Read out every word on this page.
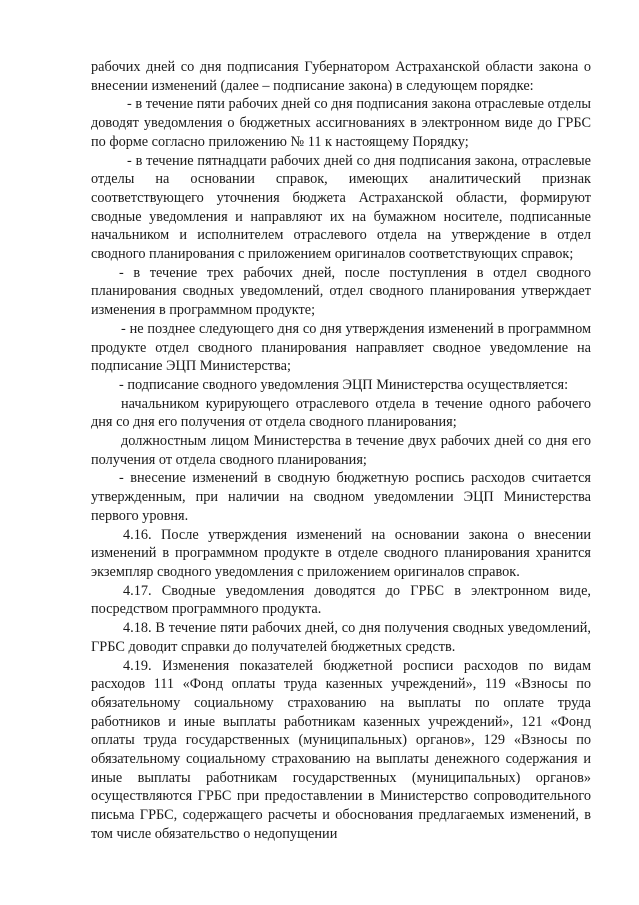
рабочих дней со дня подписания Губернатором Астраханской области закона о внесении изменений (далее – подписание закона) в следующем порядке:

- в течение пяти рабочих дней со дня подписания закона отраслевые отделы доводят уведомления о бюджетных ассигнованиях в электронном виде до ГРБС по форме согласно приложению № 11 к настоящему Порядку;

- в течение пятнадцати рабочих дней со дня подписания закона, отраслевые отделы на основании справок, имеющих аналитический признак соответствующего уточнения бюджета Астраханской области, формируют сводные уведомления и направляют их на бумажном носителе, подписанные начальником и исполнителем отраслевого отдела на утверждение в отдел сводного планирования с приложением оригиналов соответствующих справок;

- в течение трех рабочих дней, после поступления в отдел сводного планирования сводных уведомлений, отдел сводного планирования утверждает изменения в программном продукте;

- не позднее следующего дня со дня утверждения изменений в программном продукте отдел сводного планирования направляет сводное уведомление на подписание ЭЦП Министерства;

- подписание сводного уведомления ЭЦП Министерства осуществляется:

начальником курирующего отраслевого отдела в течение одного рабочего дня со дня его получения от отдела сводного планирования;

должностным лицом Министерства в течение двух рабочих дней со дня его получения от отдела сводного планирования;

- внесение изменений в сводную бюджетную роспись расходов считается утвержденным, при наличии на сводном уведомлении ЭЦП Министерства первого уровня.

4.16. После утверждения изменений на основании закона о внесении изменений в программном продукте в отделе сводного планирования хранится экземпляр сводного уведомления с приложением оригиналов справок.

4.17. Сводные уведомления доводятся до ГРБС в электронном виде, посредством программного продукта.

4.18. В течение пяти рабочих дней, со дня получения сводных уведомлений, ГРБС доводит справки до получателей бюджетных средств.

4.19. Изменения показателей бюджетной росписи расходов по видам расходов 111 «Фонд оплаты труда казенных учреждений», 119 «Взносы по обязательному социальному страхованию на выплаты по оплате труда работников и иные выплаты работникам казенных учреждений», 121 «Фонд оплаты труда государственных (муниципальных) органов», 129 «Взносы по обязательному социальному страхованию на выплаты денежного содержания и иные выплаты работникам государственных (муниципальных) органов» осуществляются ГРБС при предоставлении в Министерство сопроводительного письма ГРБС, содержащего расчеты и обоснования предлагаемых изменений, в том числе обязательство о недопущении
